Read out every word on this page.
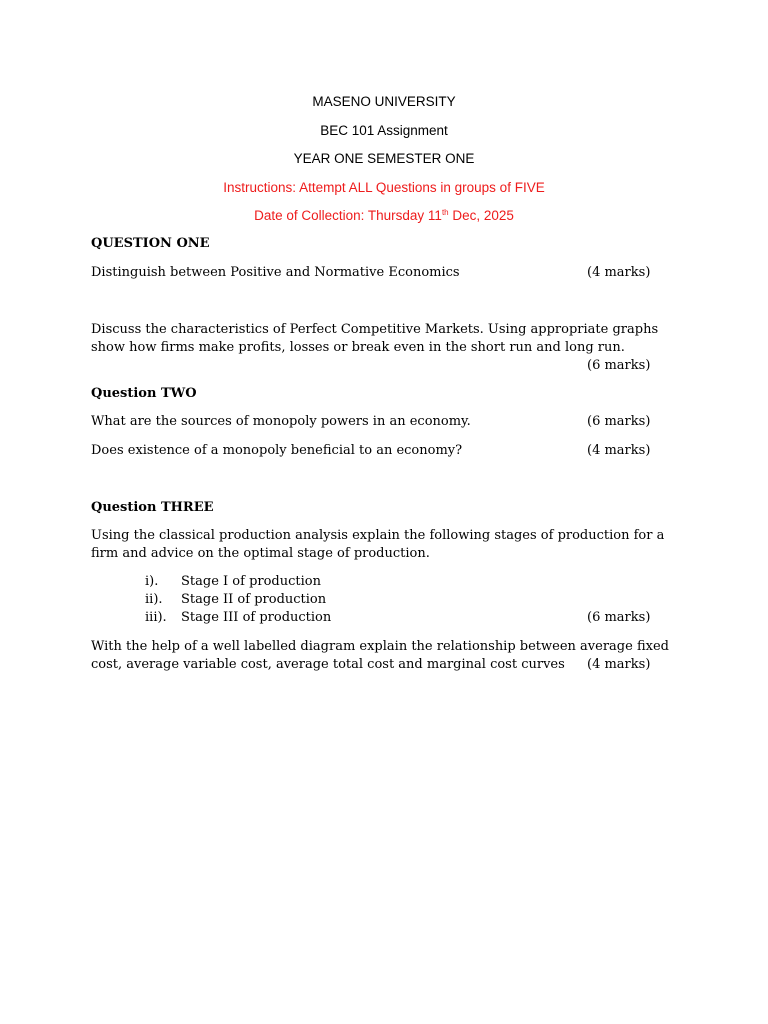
MASENO UNIVERSITY
BEC 101 Assignment
YEAR ONE SEMESTER ONE
Instructions: Attempt ALL Questions in groups of FIVE
Date of Collection: Thursday 11th Dec, 2025
QUESTION ONE
Distinguish between Positive and Normative Economics	(4 marks)
Discuss the characteristics of Perfect Competitive Markets. Using appropriate graphs
show how firms make profits, losses or break even in the short run and long run.
(6 marks)
Question TWO
What are the sources of monopoly powers in an economy.	(6 marks)
Does existence of a monopoly beneficial to an economy?	(4 marks)
Question THREE
Using the classical production analysis explain the following stages of production for a
firm and advice on the optimal stage of production.
i). Stage I of production
ii). Stage II of production
iii). Stage III of production	(6 marks)
With the help of a well labelled diagram explain the relationship between average fixed
cost, average variable cost, average total cost and marginal cost curves (4 marks)
